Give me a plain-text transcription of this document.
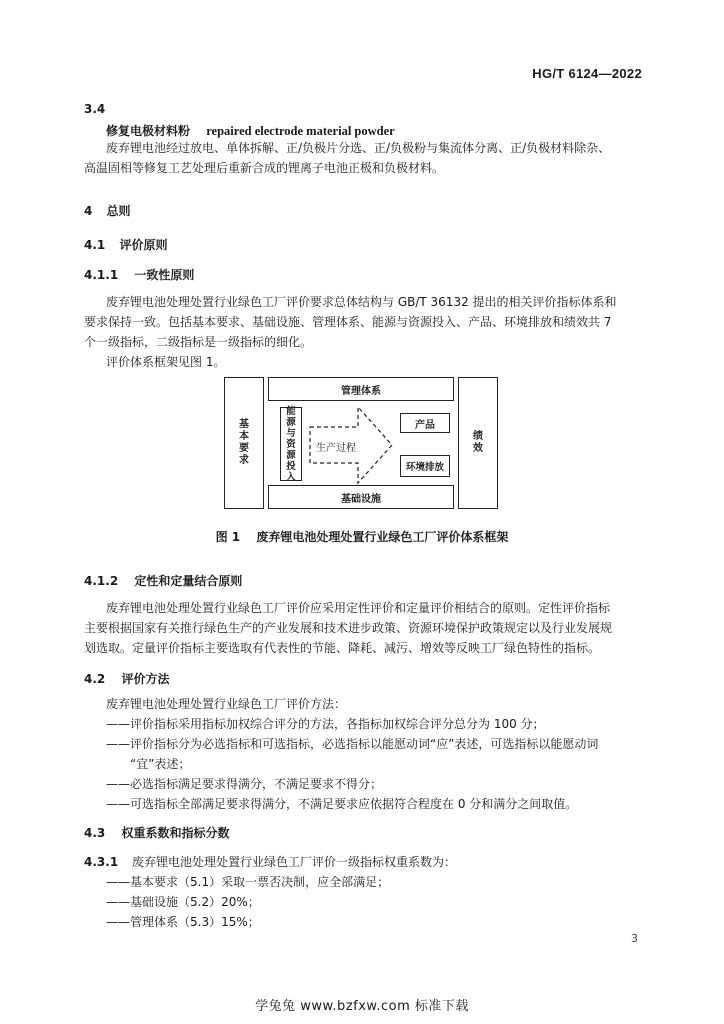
HG/T 6124—2022
3.4
修复电极材料粉 repaired electrode material powder
废弃锂电池经过放电、单体拆解、正/负极片分选、正/负极粉与集流体分离、正/负极材料除杂、
高温固相等修复工艺处理后重新合成的锂离子电池正极和负极材料。
4 总则
4.1 评价原则
4.1.1 一致性原则
废弃锂电池处理处置行业绿色工厂评价要求总体结构与 GB/T 36132 提出的相关评价指标体系和
要求保持一致。包括基本要求、基础设施、管理体系、能源与资源投入、产品、环境排放和绩效共 7
个一级指标，二级指标是一级指标的细化。
评价体系框架见图 1。
管理体系
基础设施
基
本
要
求
绩
效
能
源
与
资
源
投
入
生产过程
产品
环境排放
图 1 废弃锂电池处理处置行业绿色工厂评价体系框架
4.1.2 定性和定量结合原则
废弃锂电池处理处置行业绿色工厂评价应采用定性评价和定量评价相结合的原则。定性评价指标
主要根据国家有关推行绿色生产的产业发展和技术进步政策、资源环境保护政策规定以及行业发展规
划选取。定量评价指标主要选取有代表性的节能、降耗、减污、增效等反映工厂绿色特性的指标。
4.2 评价方法
废弃锂电池处理处置行业绿色工厂评价方法：
——评价指标采用指标加权综合评分的方法，各指标加权综合评分总分为 100 分；
——评价指标分为必选指标和可选指标，必选指标以能愿动词“应”表述，可选指标以能愿动词
“宜”表述；
——必选指标满足要求得满分，不满足要求不得分；
——可选指标全部满足要求得满分，不满足要求应依据符合程度在 0 分和满分之间取值。
4.3 权重系数和指标分数
4.3.1 废弃锂电池处理处置行业绿色工厂评价一级指标权重系数为：
——基本要求（5.1）采取一票否决制，应全部满足；
——基础设施（5.2）20%；
——管理体系（5.3）15%；
3
学兔兔 www.bzfxw.com 标准下载
